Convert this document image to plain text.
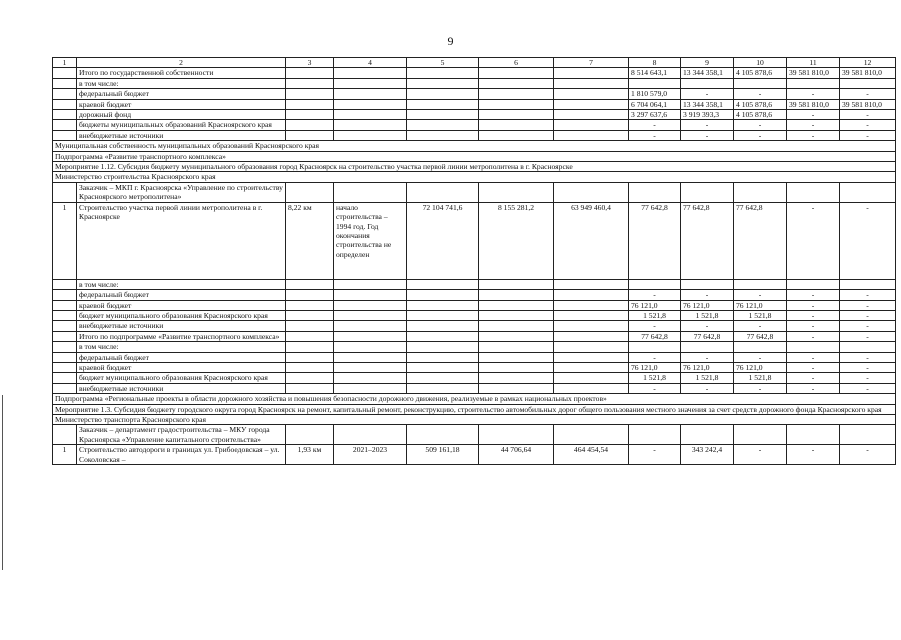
9
1	2	3	4	5	6	7	8	9	10	11	12
	Итого по государственной собственности						8 514 643,1	13 344 358,1	4 105 878,6	39 581 810,0	39 581 810,0
	в том числе:										
	федеральный бюджет						1 810 579,0	-	-	-	-
	краевой бюджет						6 704 064,1	13 344 358,1	4 105 878,6	39 581 810,0	39 581 810,0
	дорожный фонд						3 297 637,6	3 919 393,3	4 105 878,6	-	-
	бюджеты муниципальных образований Красноярского края						-	-	-	-	-
	внебюджетные источники						-	-	-	-	-
Муниципальная собственность муниципальных образований Красноярского края											
Подпрограмма «Развитие транспортного комплекса»											
Мероприятие 1.12. Субсидия бюджету муниципального образования город Красноярск на строительство участка первой линии метрополитена в г. Красноярске											
Министерство строительства Красноярского края											
	Заказчик – МКП г. Красноярска «Управление по строительству Красноярского метрополитена»										
1	Строительство участка первой линии метрополитена в г. Красноярске	8,22 км	начало строительства – 1994 год. Год окончания строительства не определен	72 104 741,6	8 155 281,2	63 949 460,4	77 642,8	77 642,8	77 642,8	-	-
	в том числе:										
	федеральный бюджет						-	-	-	-	-
	краевой бюджет						76 121,0	76 121,0	76 121,0	-	-
	бюджет муниципального образования Красноярского края						1 521,8	1 521,8	1 521,8	-	-
	внебюджетные источники						-	-	-	-	-
	Итого по подпрограмме «Развитие транспортного комплекса»						77 642,8	77 642,8	77 642,8	-	-
	в том числе:										
	федеральный бюджет						-	-	-	-	-
	краевой бюджет						76 121,0	76 121,0	76 121,0	-	-
	бюджет муниципального образования Красноярского края						1 521,8	1 521,8	1 521,8	-	-
	внебюджетные источники						-	-	-	-	-
Подпрограмма «Региональные проекты в области дорожного хозяйства и повышения безопасности дорожного движения, реализуемые в рамках национальных проектов»											
Мероприятие 1.3. Субсидия бюджету городского округа город Красноярск на ремонт, капитальный ремонт, реконструкцию, строительство автомобильных дорог общего пользования местного значения за счет средств дорожного фонда Красноярского края											
Министерство транспорта Красноярского края											
	Заказчик – департамент градостроительства – МКУ города Красноярска «Управление капитального строительства»										
1	Строительство автодороги в границах ул. Грибоедовская – ул. Соколовская –	1,93 км	2021–2023	509 161,18	44 706,64	464 454,54	-	343 242,4	-	-	-
